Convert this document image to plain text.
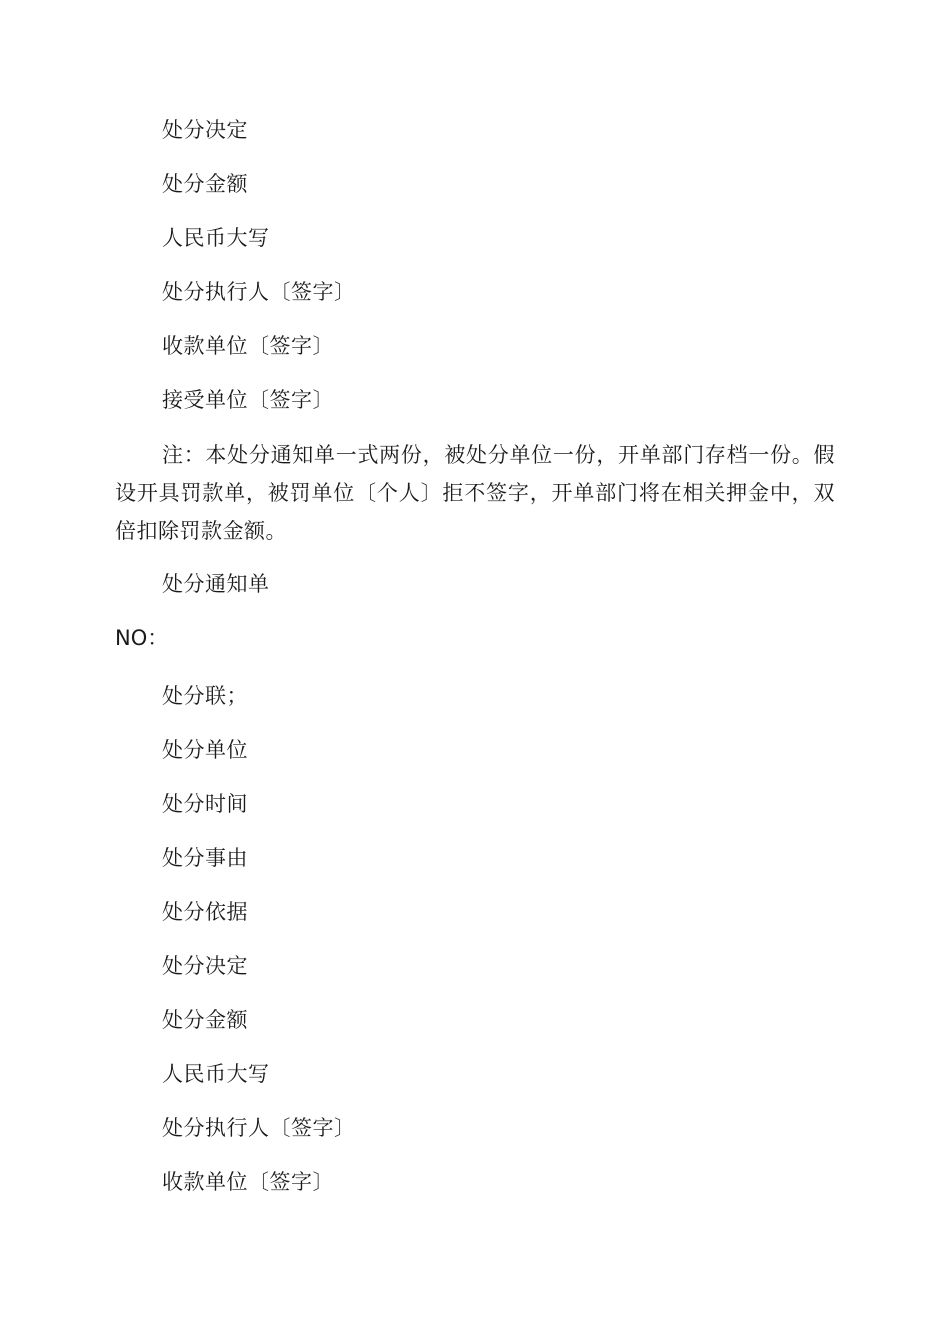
处分决定
处分金额
人民币大写
处分执行人〔签字〕
收款单位〔签字〕
接受单位〔签字〕

注：本处分通知单一式两份，被处分单位一份，开单部门存档一份。假设开具罚款单，被罚单位〔个人〕拒不签字，开单部门将在相关押金中，双倍扣除罚款金额。

处分通知单
NO：
处分联；
处分单位
处分时间
处分事由
处分依据
处分决定
处分金额
人民币大写
处分执行人〔签字〕
收款单位〔签字〕
